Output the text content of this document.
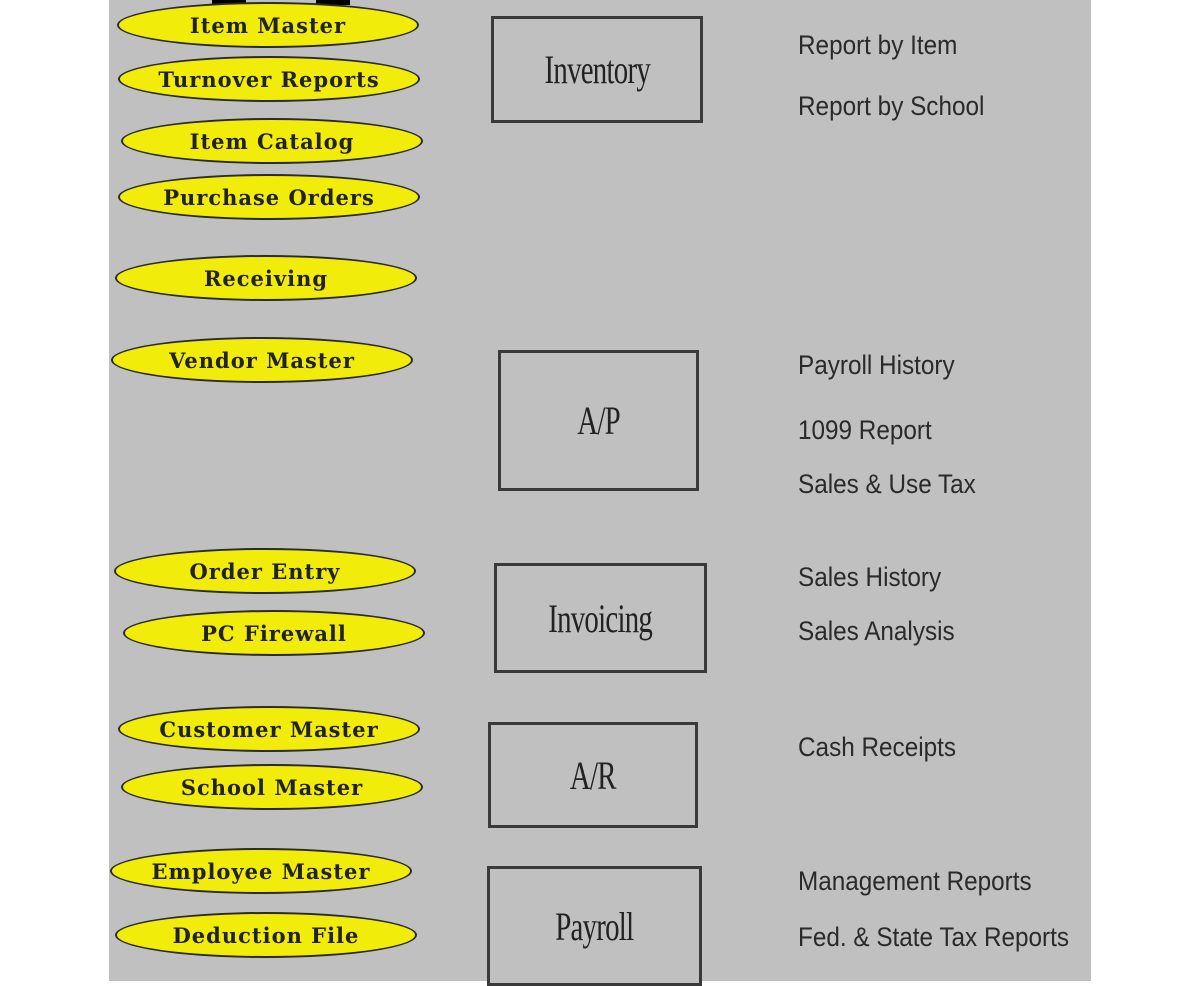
Item Master
Turnover Reports
Item Catalog
Purchase Orders
Receiving
Inventory
Report by Item
Report by School
Vendor Master
A/P
Payroll History
1099 Report
Sales & Use Tax
Order Entry
PC Firewall	Invoicing
Sales History
Sales Analysis
Customer Master
School Master	A/R
Cash Receipts
Employee Master
Deduction File	Payroll
Management Reports
Fed. & State Tax Reports
